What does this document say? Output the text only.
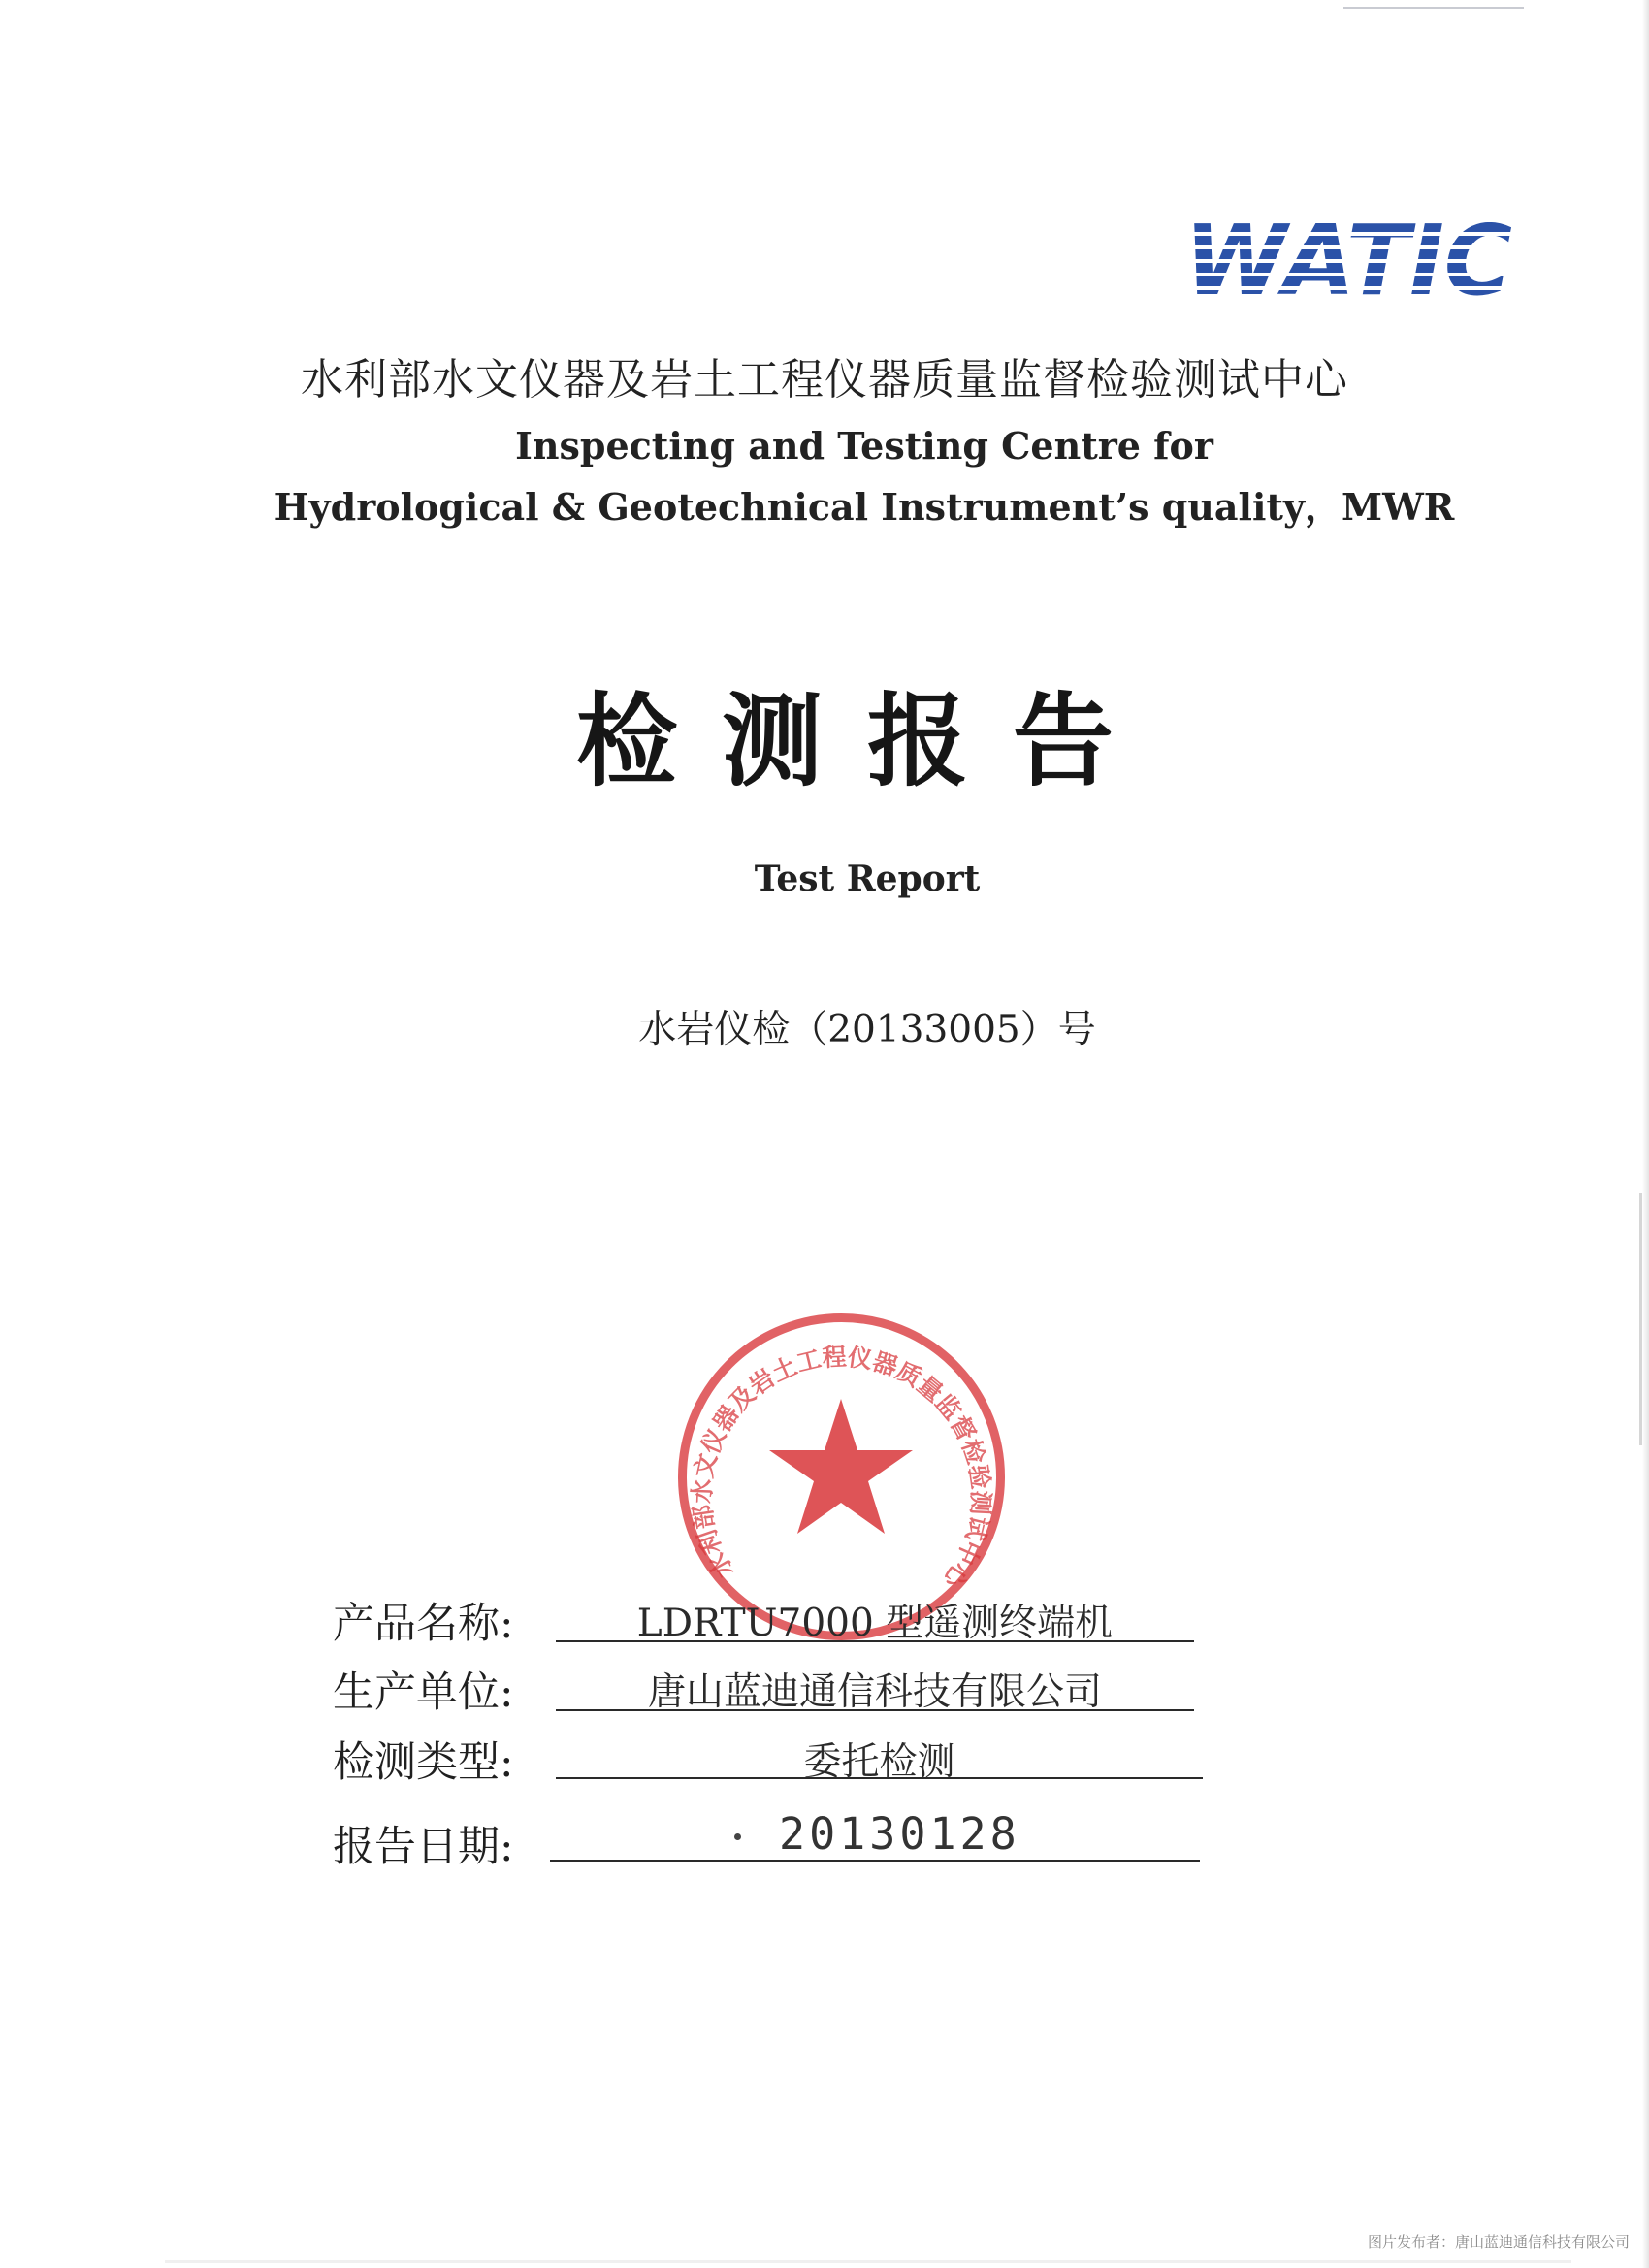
WATIC
水利部水文仪器及岩土工程仪器质量监督检验测试中心
Inspecting and Testing Centre for
Hydrological & Geotechnical Instrument’s quality，MWR
检测报告
Test Report
水岩仪检（20133005）号
水利部水文仪器及岩土工程仪器质量监督检验测试中心
产品名称:	LDRTU7000 型遥测终端机
生产单位:	唐山蓝迪通信科技有限公司
检测类型:	委托检测
报告日期:	20130128
图片发布者：唐山蓝迪通信科技有限公司
